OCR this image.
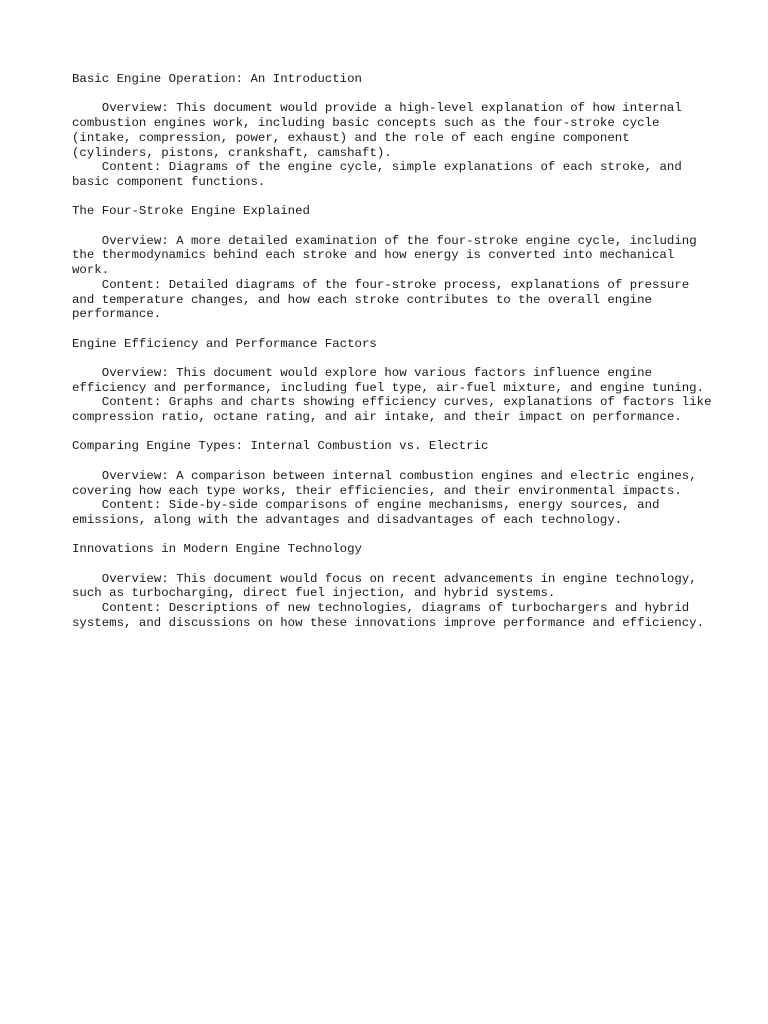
Basic Engine Operation: An Introduction

Overview: This document would provide a high-level explanation of how internal combustion engines work, including basic concepts such as the four-stroke cycle (intake, compression, power, exhaust) and the role of each engine component (cylinders, pistons, crankshaft, camshaft).

Content: Diagrams of the engine cycle, simple explanations of each stroke, and basic component functions.

The Four-Stroke Engine Explained

Overview: A more detailed examination of the four-stroke engine cycle, including the thermodynamics behind each stroke and how energy is converted into mechanical work.

Content: Detailed diagrams of the four-stroke process, explanations of pressure and temperature changes, and how each stroke contributes to the overall engine performance.

Engine Efficiency and Performance Factors

Overview: This document would explore how various factors influence engine efficiency and performance, including fuel type, air-fuel mixture, and engine tuning.

Content: Graphs and charts showing efficiency curves, explanations of factors like compression ratio, octane rating, and air intake, and their impact on performance.

Comparing Engine Types: Internal Combustion vs. Electric

Overview: A comparison between internal combustion engines and electric engines, covering how each type works, their efficiencies, and their environmental impacts.

Content: Side-by-side comparisons of engine mechanisms, energy sources, and emissions, along with the advantages and disadvantages of each technology.

Innovations in Modern Engine Technology

Overview: This document would focus on recent advancements in engine technology, such as turbocharging, direct fuel injection, and hybrid systems.

Content: Descriptions of new technologies, diagrams of turbochargers and hybrid systems, and discussions on how these innovations improve performance and efficiency.
